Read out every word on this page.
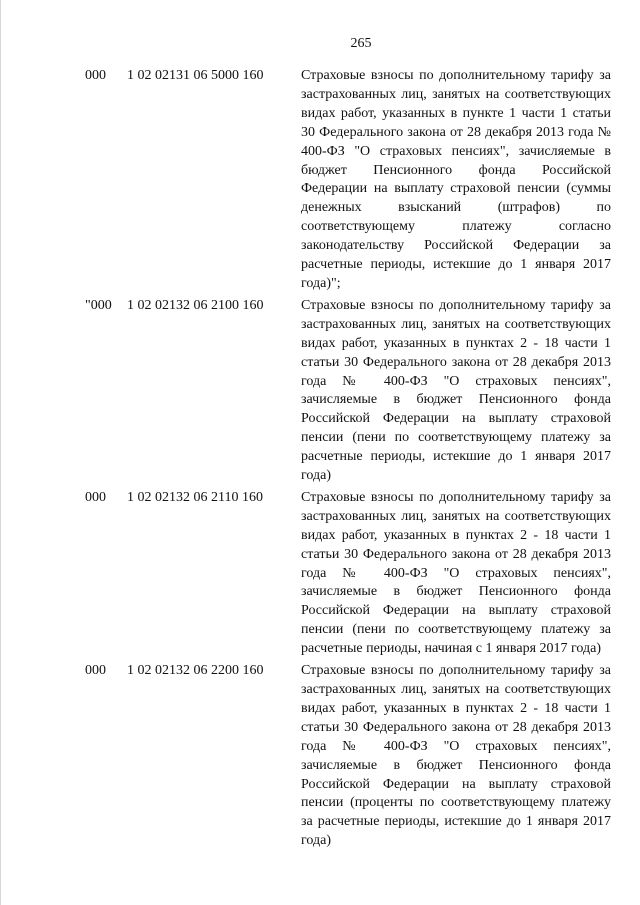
265
000 1 02 02131 06 5000 160	Страховые взносы по дополнительному тарифу за застрахованных лиц, занятых на соответствующих видах работ, указанных в пункте 1 части 1 статьи 30 Федерального закона от 28 декабря 2013 года № 400-ФЗ "О страховых пенсиях", зачисляемые в бюджет Пенсионного фонда Российской Федерации на выплату страховой пенсии (суммы денежных взысканий (штрафов) по соответствующему платежу согласно законодательству Российской Федерации за расчетные периоды, истекшие до 1 января 2017 года)";
"000 1 02 02132 06 2100 160	Страховые взносы по дополнительному тарифу за застрахованных лиц, занятых на соответствующих видах работ, указанных в пунктах 2 - 18 части 1 статьи 30 Федерального закона от 28 декабря 2013 года № 400-ФЗ "О страховых пенсиях", зачисляемые в бюджет Пенсионного фонда Российской Федерации на выплату страховой пенсии (пени по соответствующему платежу за расчетные периоды, истекшие до 1 января 2017 года)
000 1 02 02132 06 2110 160	Страховые взносы по дополнительному тарифу за застрахованных лиц, занятых на соответствующих видах работ, указанных в пунктах 2 - 18 части 1 статьи 30 Федерального закона от 28 декабря 2013 года № 400-ФЗ "О страховых пенсиях", зачисляемые в бюджет Пенсионного фонда Российской Федерации на выплату страховой пенсии (пени по соответствующему платежу за расчетные периоды, начиная с 1 января 2017 года)
000 1 02 02132 06 2200 160	Страховые взносы по дополнительному тарифу за застрахованных лиц, занятых на соответствующих видах работ, указанных в пунктах 2 - 18 части 1 статьи 30 Федерального закона от 28 декабря 2013 года № 400-ФЗ "О страховых пенсиях", зачисляемые в бюджет Пенсионного фонда Российской Федерации на выплату страховой пенсии (проценты по соответствующему платежу за расчетные периоды, истекшие до 1 января 2017 года)
